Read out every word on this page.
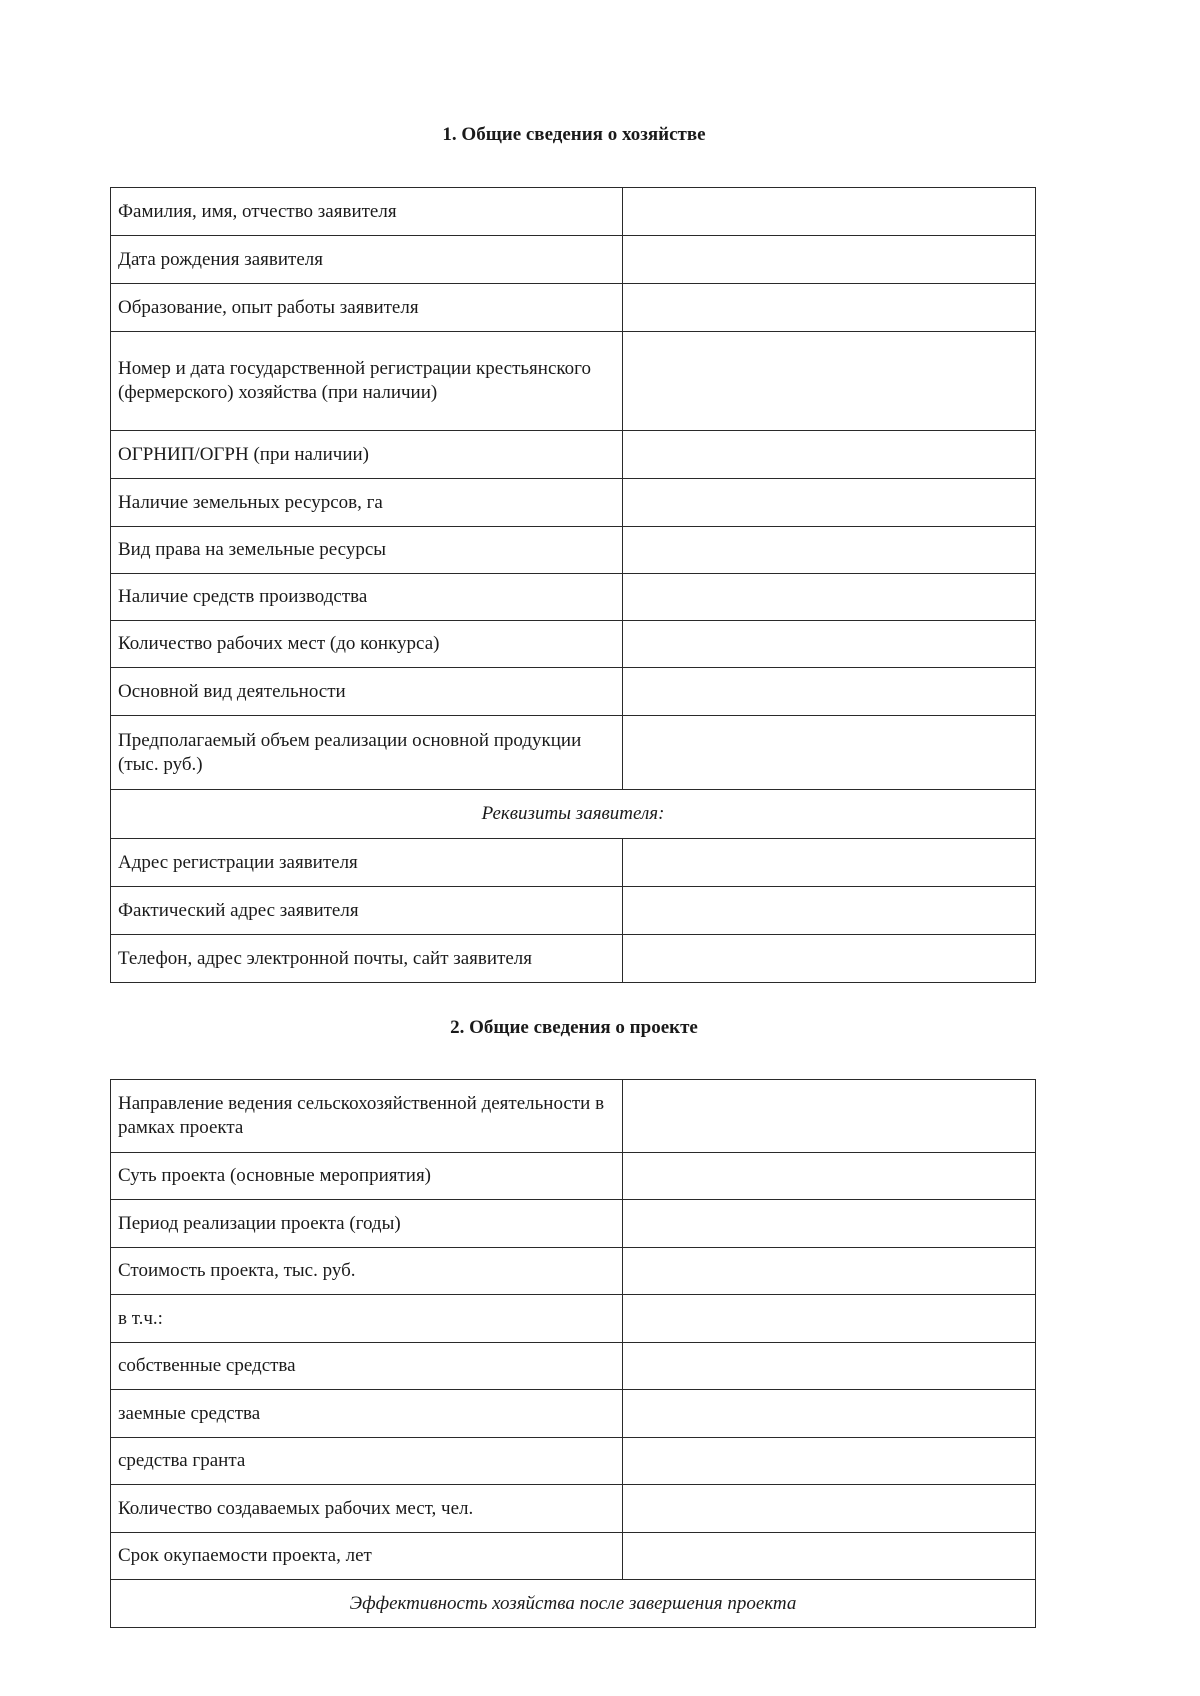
1. Общие сведения о хозяйстве
Фамилия, имя, отчество заявителя	
Дата рождения заявителя	
Образование, опыт работы заявителя	
Номер и дата государственной регистрации крестьянского (фермерского) хозяйства (при наличии)	
ОГРНИП/ОГРН (при наличии)	
Наличие земельных ресурсов, га	
Вид права на земельные ресурсы	
Наличие средств производства	
Количество рабочих мест (до конкурса)	
Основной вид деятельности	
Предполагаемый объем реализации основной продукции (тыс. руб.)	
Реквизиты заявителя:	
Адрес регистрации заявителя	
Фактический адрес заявителя	
Телефон, адрес электронной почты, сайт заявителя	
2. Общие сведения о проекте
Направление ведения сельскохозяйственной деятельности в рамках проекта	
Суть проекта (основные мероприятия)	
Период реализации проекта (годы)	
Стоимость проекта, тыс. руб.	
в т.ч.:	
собственные средства	
заемные средства	
средства гранта	
Количество создаваемых рабочих мест, чел.	
Срок окупаемости проекта, лет	
Эффективность хозяйства после завершения проекта	
